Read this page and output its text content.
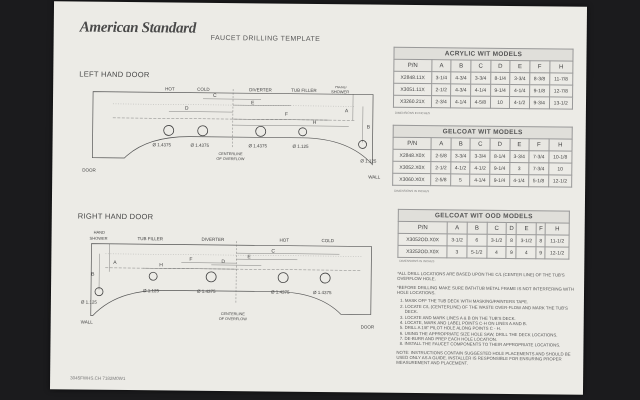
American Standard
FAUCET DRILLING TEMPLATE
LEFT HAND DOOR
HOT	COLD	DIVERTER	TUB FILLER
HAND
SHOWER
C
E
D
F
H
A
B
Ø 1.4375	Ø 1.4375	Ø 1.4375	Ø 1.125
Ø 1.125
CENTERLINE
OF OVERFLOW
DOOR
WALL
RIGHT HAND DOOR
HAND
SHOWER	TUB FILLER	DIVERTER	HOT	COLD
A
B
H
F	E
C
D
Ø 1.125
Ø 1.125	Ø 1.4375	Ø 1.4375	Ø 1.4375
CENTERLINE
OF OVERFLOW
WALL
DOOR
ACRYLIC WIT MODELS
P/N	A	B	C	D	E	F	H
X2848.11X	3-1/4	4-3/4	3-3/4	8-1/4	3-3/4	8-3/8	11-7/8
X3051.11X	2-1/2	4-3/4	4-1/4	9-1/4	4-1/4	9-1/8	12-7/8
X3260.21X	2-3/4	4-1/4	4-5/8	10	4-1/2	9-3/4	13-1/2
DIMENSIONS IN INCHES
GELCOAT WIT MODELS
P/N	A	B	C	D	E	F	H
X2848.X0X	2-5/8	3-3/4	3-3/4	8-1/4	3-3/4	7-3/4	10-1/8
X3052.X0X	2-1/2	4-1/2	4-1/2	9-1/4	3	7-3/4	10
X3060.X0X	2-5/8	5	4-1/4	9-1/4	4-1/4	5-1/8	12-1/2
DIMENSIONS IN INCHES
GELCOAT WIT OOD MODELS
P/N	A	B	C	D	E	F	H
X3052OD.X0X	3-1/2	6	3-1/2	8	3-1/2	8	11-1/2
X3252OD.X0X	3	5-1/2	4	9	4	9	12-1/2
DIMENSIONS IN INCHES

*ALL DRILL LOCATIONS ARE BASED UPON THE C/L (CENTER LINE) OF THE TUB'S OVERFLOW HOLE.

*BEFORE DRILLING MAKE SURE BATHTUB METAL FRAME IS NOT INTERFERING WITH HOLE LOCATIONS.

1. MASK OFF THE TUB DECK WITH MASKING/PAINTERS TAPE.
2. LOCATE C/L (CENTERLINE) OF THE WASTE OVER-FLOW AND MARK THE TUB'S DECK.
3. LOCATE AND MARK LINES A & B ON THE TUB'S DECK.
4. LOCATE, MARK AND LABEL POINTS C-H ON LINES A AND B.
5. DRILL A 1/8" PILOT HOLE ALONG POINTS C - H.
6. USING THE APPROPRIATE SIZE HOLE SAW, DRILL THE DECK LOCATIONS.
7. DE-BURR AND PREP EACH HOLE LOCATION.
8. INSTALL THE FAUCET COMPONENTS TO THEIR APPROPRIATE LOCATIONS.

NOTE: INSTRUCTIONS CONTAIN SUGGESTED HOLE PLACEMENTS AND SHOULD BE USED ONLY AS A GUIDE. INSTALLER IS RESPONSIBLE FOR ENSURING PROPER MEASUREMENT AND PLACEMENT.

3045FWHS.CH 7182M0W1
